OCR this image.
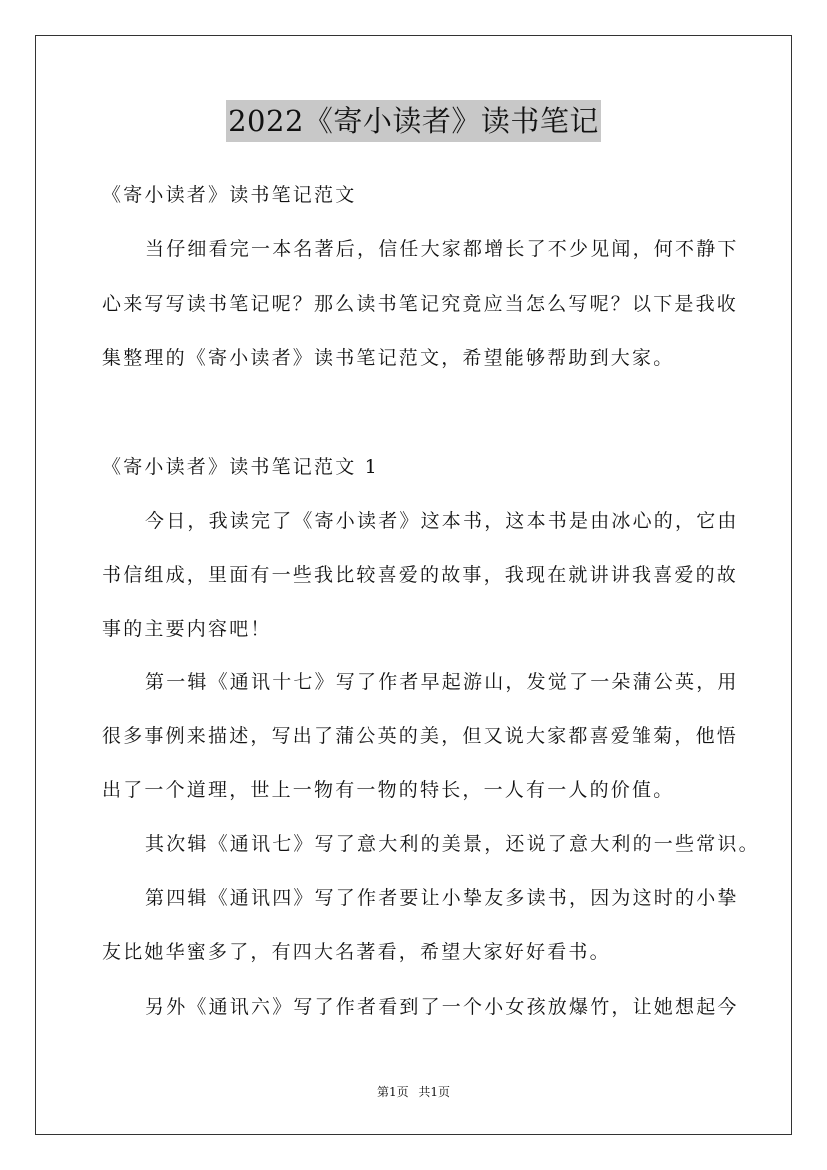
2022《寄小读者》读书笔记
《寄小读者》读书笔记范文
当仔细看完一本名著后，信任大家都增长了不少见闻，何不静下
心来写写读书笔记呢？那么读书笔记究竟应当怎么写呢？以下是我收
集整理的《寄小读者》读书笔记范文，希望能够帮助到大家。
《寄小读者》读书笔记范文 1
今日，我读完了《寄小读者》这本书，这本书是由冰心的，它由
书信组成，里面有一些我比较喜爱的故事，我现在就讲讲我喜爱的故
事的主要内容吧！
第一辑《通讯十七》写了作者早起游山，发觉了一朵蒲公英，用
很多事例来描述，写出了蒲公英的美，但又说大家都喜爱雏菊，他悟
出了一个道理，世上一物有一物的特长，一人有一人的价值。
其次辑《通讯七》写了意大利的美景，还说了意大利的一些常识。
第四辑《通讯四》写了作者要让小挚友多读书，因为这时的小挚
友比她华蜜多了，有四大名著看，希望大家好好看书。
另外《通讯六》写了作者看到了一个小女孩放爆竹，让她想起今
第1页 共1页
